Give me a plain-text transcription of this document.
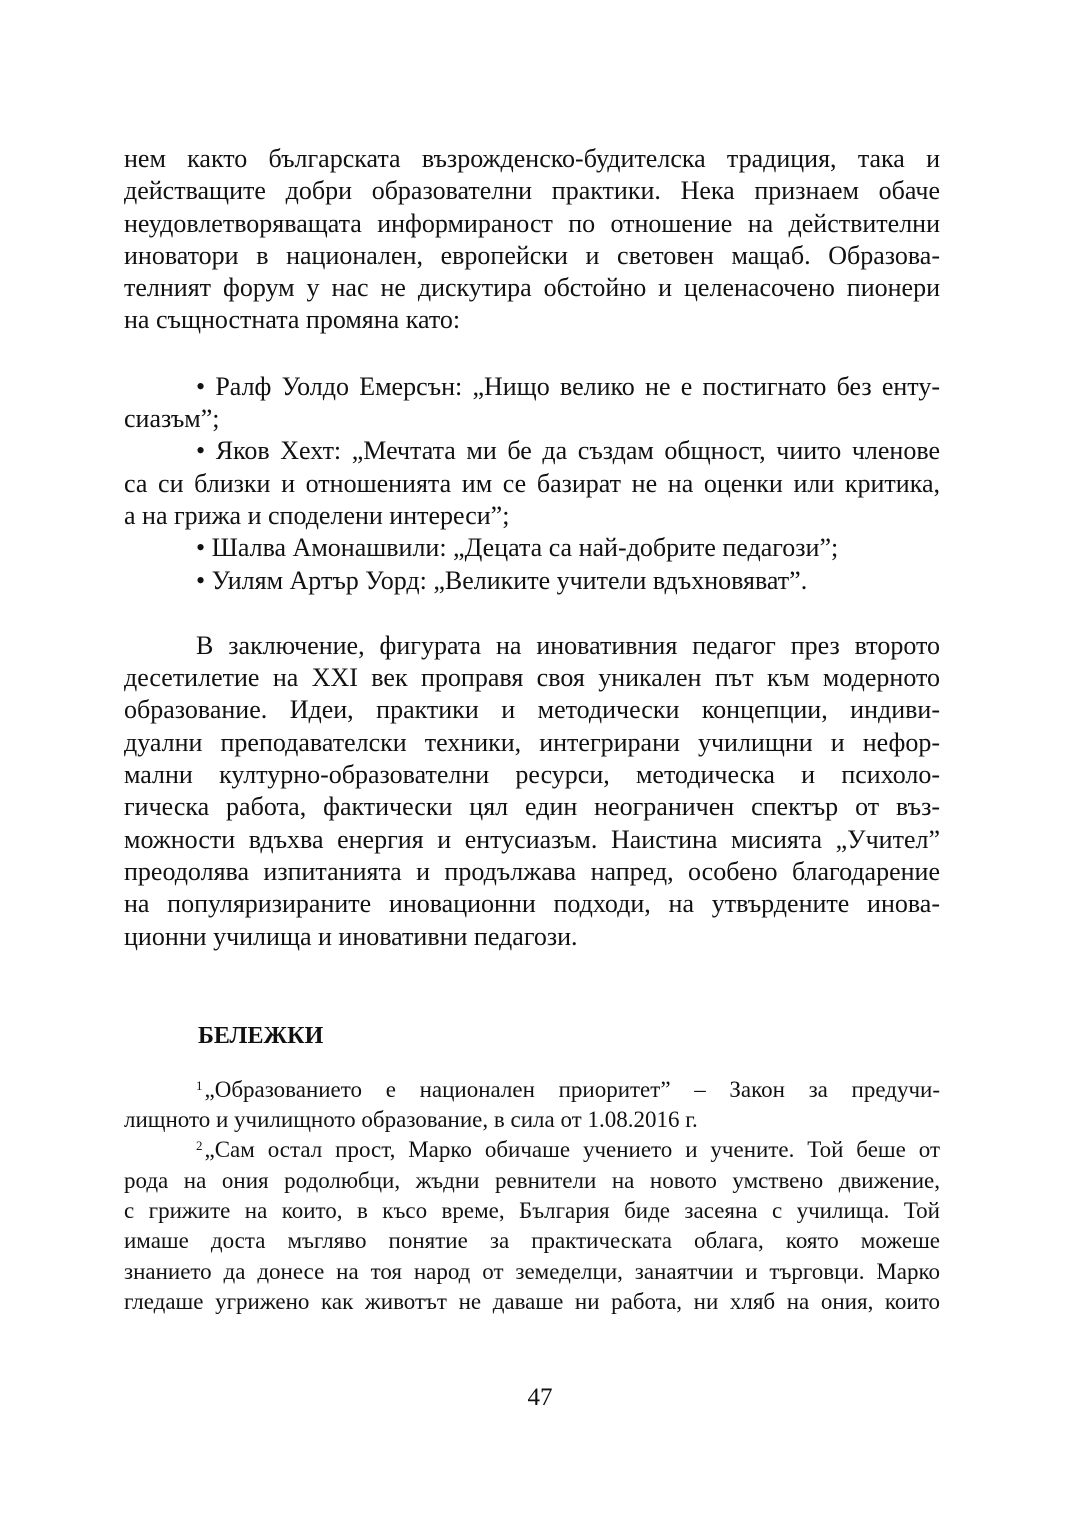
нем както българската възрожденско-будителска традиция, така и
действащите добри образователни практики. Нека признаем обаче
неудовлетворяващата информираност по отношение на действителни
иноватори в национален, европейски и световен мащаб. Образова-
телният форум у нас не дискутира обстойно и целенасочено пионери
на същностната промяна като:
• Ралф Уолдо Емерсън: „Нищо велико не е постигнато без енту-
сиазъм”;
• Яков Хехт: „Мечтата ми бе да създам общност, чиито членове
са си близки и отношенията им се базират не на оценки или критика,
а на грижа и споделени интереси”;
• Шалва Амонашвили: „Децата са най-добрите педагози”;
• Уилям Артър Уорд: „Великите учители вдъхновяват”.
В заключение, фигурата на иновативния педагог през второто
десетилетие на XXI век проправя своя уникален път към модерното
образование. Идеи, практики и методически концепции, индиви-
дуални преподавателски техники, интегрирани училищни и нефор-
мални културно-образователни ресурси, методическа и психоло-
гическа работа, фактически цял един неограничен спектър от въз-
можности вдъхва енергия и ентусиазъм. Наистина мисията „Учител”
преодолява изпитанията и продължава напред, особено благодарение
на популяризираните иновационни подходи, на утвърдените инова-
ционни училища и иновативни педагози.
БЕЛЕЖКИ
$^1$„Образованието е национален приоритет” – Закон за предучи-
лищното и училищното образование, в сила от 1.08.2016 г.
$^2$„Сам остал прост, Марко обичаше учението и учените. Той беше от
рода на ония родолюбци, жъдни ревнители на новото умствено движение,
с грижите на които, в късо време, България биде засеяна с училища. Той
имаше доста мъгляво понятие за практическата облага, която можеше
знанието да донесе на тоя народ от земеделци, занаятчии и търговци. Марко
гледаше угрижено как животът не даваше ни работа, ни хляб на ония, които
47
